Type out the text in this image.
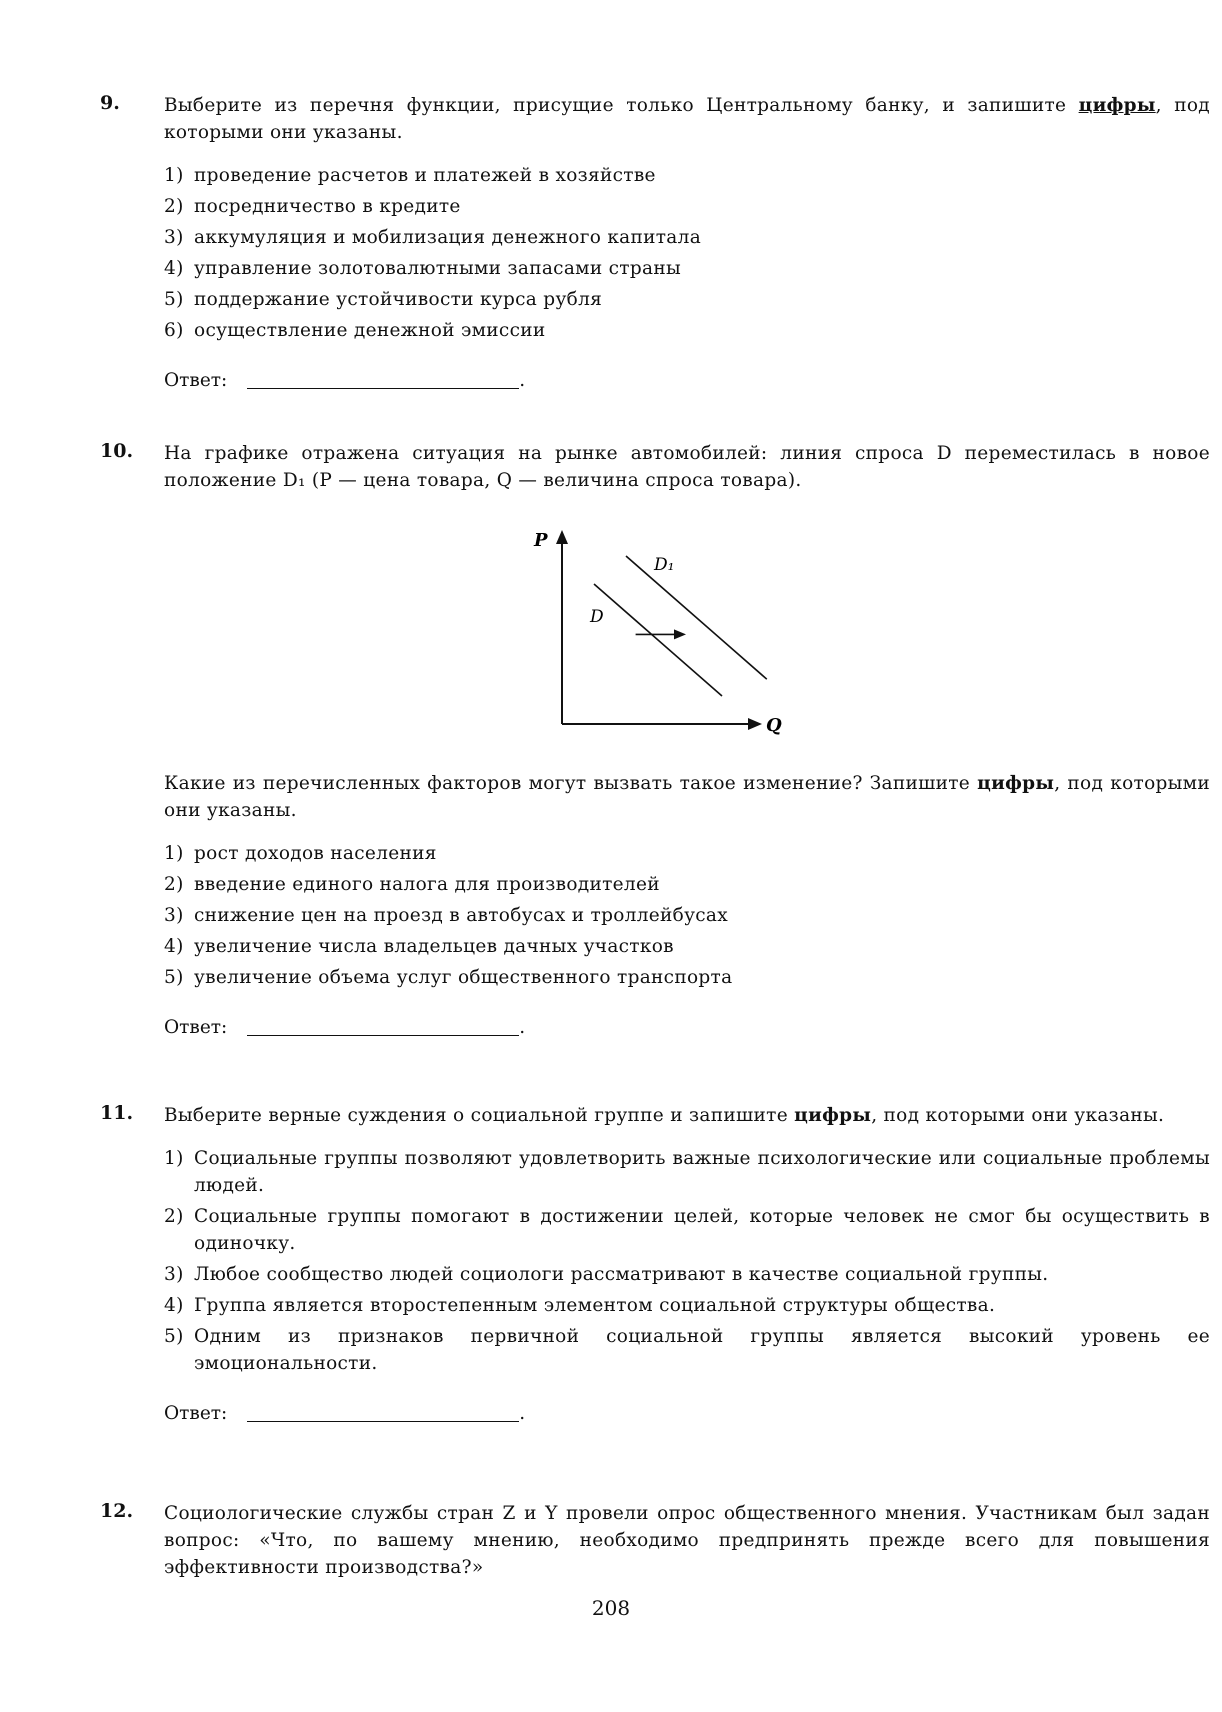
9. Выберите из перечня функции, присущие только Центральному банку, и запишите цифры, под которыми они указаны.
1) проведение расчетов и платежей в хозяйстве
2) посредничество в кредите
3) аккумуляция и мобилизация денежного капитала
4) управление золотовалютными запасами страны
5) поддержание устойчивости курса рубля
6) осуществление денежной эмиссии
Ответ:	.
10. На графике отражена ситуация на рынке автомобилей: линия спроса D переместилась в новое положение D₁ (P — цена товара, Q — величина спроса товара).
P
Q
D
D₁
Какие из перечисленных факторов могут вызвать такое изменение? Запишите цифры, под которыми они указаны.
1) рост доходов населения
2) введение единого налога для производителей
3) снижение цен на проезд в автобусах и троллейбусах
4) увеличение числа владельцев дачных участков
5) увеличение объема услуг общественного транспорта
Ответ:	.
11. Выберите верные суждения о социальной группе и запишите цифры, под которыми они указаны.
1) Социальные группы позволяют удовлетворить важные психологические или социальные проблемы людей.
2) Социальные группы помогают в достижении целей, которые человек не смог бы осуществить в одиночку.
3) Любое сообщество людей социологи рассматривают в качестве социальной группы.
4) Группа является второстепенным элементом социальной структуры общества.
5) Одним из признаков первичной социальной группы является высокий уровень ее эмоциональности.
Ответ:	.
12. Социологические службы стран Z и Y провели опрос общественного мнения. Участникам был задан вопрос: «Что, по вашему мнению, необходимо предпринять прежде всего для повышения эффективности производства?»
208
